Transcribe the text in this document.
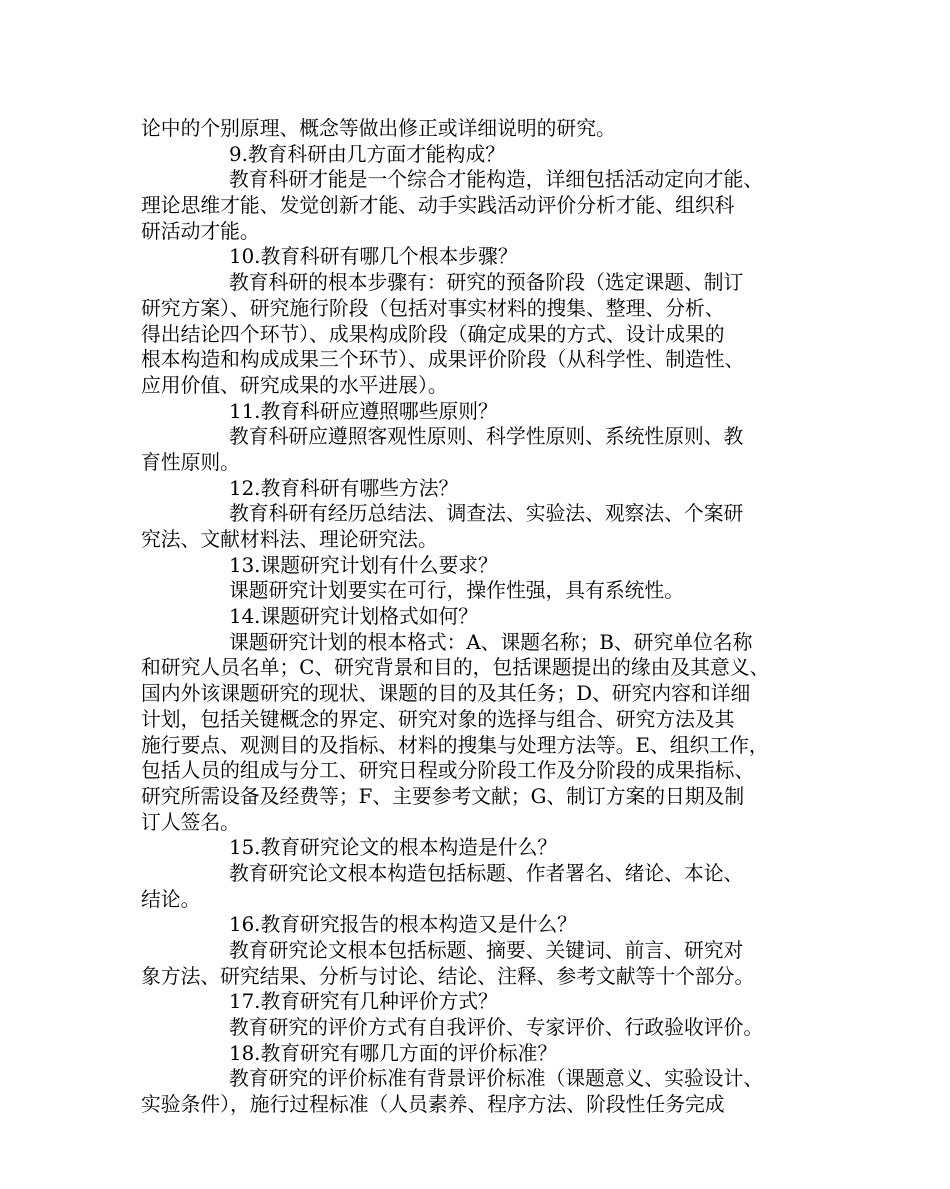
论中的个别原理、概念等做出修正或详细说明的研究。
9.教育科研由几方面才能构成？
教育科研才能是一个综合才能构造，详细包括活动定向才能、
理论思维才能、发觉创新才能、动手实践活动评价分析才能、组织科
研活动才能。
10.教育科研有哪几个根本步骤？
教育科研的根本步骤有：研究的预备阶段（选定课题、制订
研究方案）、研究施行阶段（包括对事实材料的搜集、整理、分析、
得出结论四个环节）、成果构成阶段（确定成果的方式、设计成果的
根本构造和构成成果三个环节）、成果评价阶段（从科学性、制造性、
应用价值、研究成果的水平进展）。
11.教育科研应遵照哪些原则？
教育科研应遵照客观性原则、科学性原则、系统性原则、教
育性原则。
12.教育科研有哪些方法？
教育科研有经历总结法、调查法、实验法、观察法、个案研
究法、文献材料法、理论研究法。
13.课题研究计划有什么要求？
课题研究计划要实在可行，操作性强，具有系统性。
14.课题研究计划格式如何？
课题研究计划的根本格式：A、课题名称；B、研究单位名称
和研究人员名单；C、研究背景和目的，包括课题提出的缘由及其意义、
国内外该课题研究的现状、课题的目的及其任务；D、研究内容和详细
计划，包括关键概念的界定、研究对象的选择与组合、研究方法及其
施行要点、观测目的及指标、材料的搜集与处理方法等。E、组织工作，
包括人员的组成与分工、研究日程或分阶段工作及分阶段的成果指标、
研究所需设备及经费等；F、主要参考文献；G、制订方案的日期及制
订人签名。
15.教育研究论文的根本构造是什么？
教育研究论文根本构造包括标题、作者署名、绪论、本论、
结论。
16.教育研究报告的根本构造又是什么？
教育研究论文根本包括标题、摘要、关键词、前言、研究对
象方法、研究结果、分析与讨论、结论、注释、参考文献等十个部分。
17.教育研究有几种评价方式？
教育研究的评价方式有自我评价、专家评价、行政验收评价。
18.教育研究有哪几方面的评价标准？
教育研究的评价标准有背景评价标准（课题意义、实验设计、
实验条件），施行过程标准（人员素养、程序方法、阶段性任务完成
